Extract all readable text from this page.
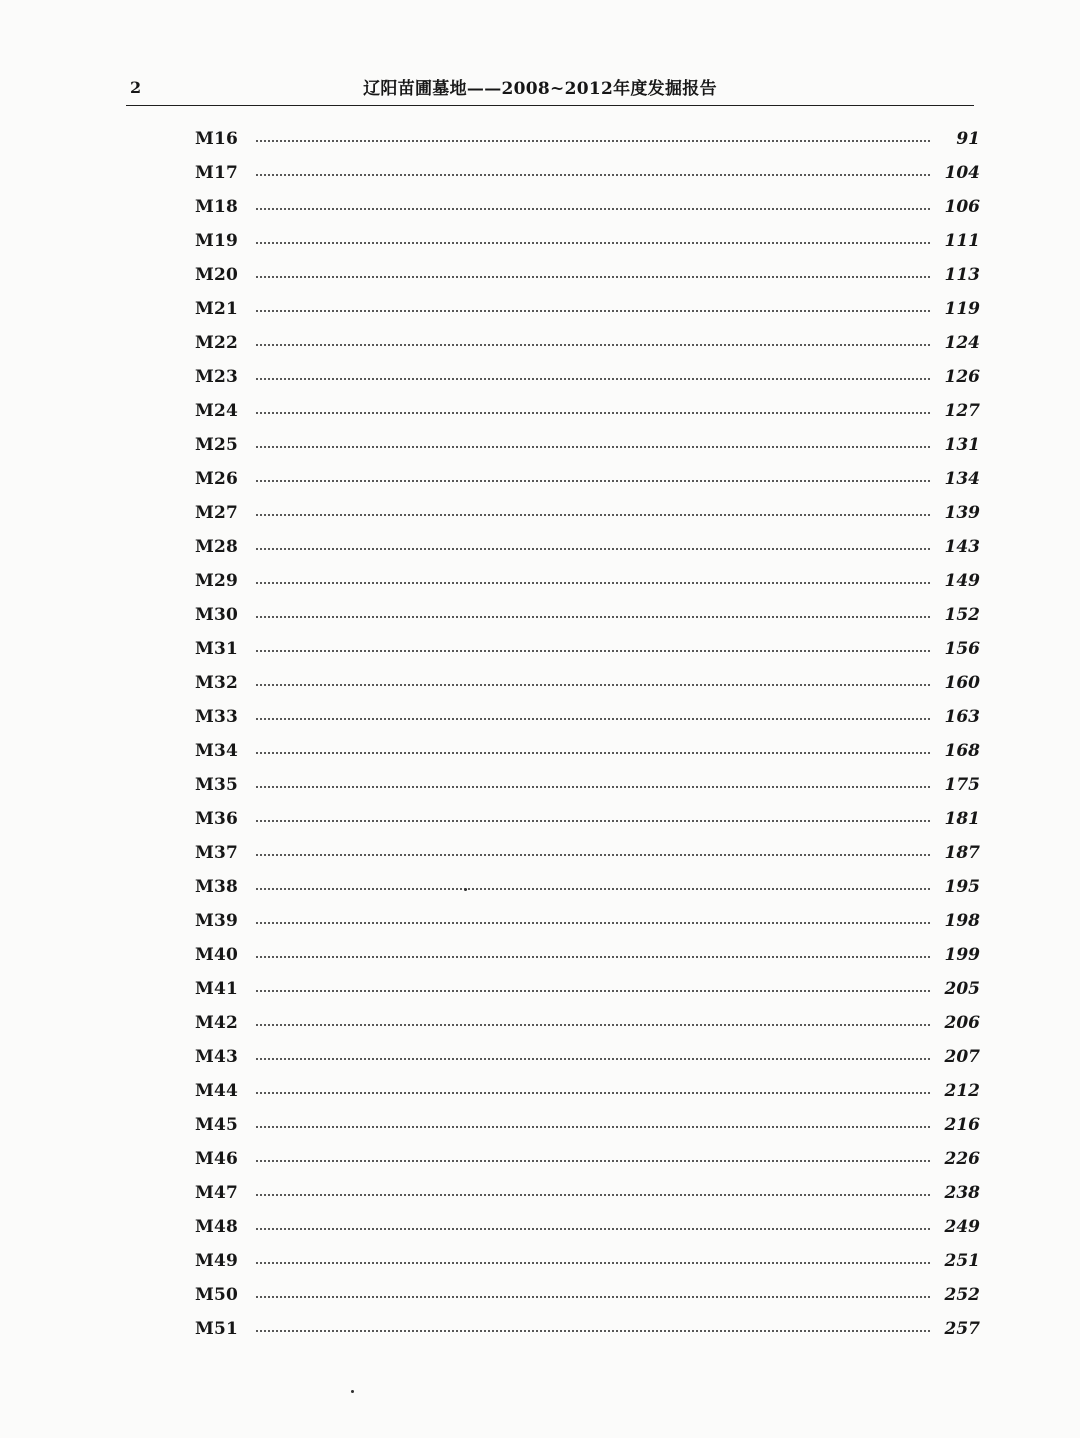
2	辽阳苗圃墓地——2008~2012年度发掘报告
M16	91
M17	104
M18	106
M19	111
M20	113
M21	119
M22	124
M23	126
M24	127
M25	131
M26	134
M27	139
M28	143
M29	149
M30	152
M31	156
M32	160
M33	163
M34	168
M35	175
M36	181
M37	187
M38	195
M39	198
M40	199
M41	205
M42	206
M43	207
M44	212
M45	216
M46	226
M47	238
M48	249
M49	251
M50	252
M51	257
